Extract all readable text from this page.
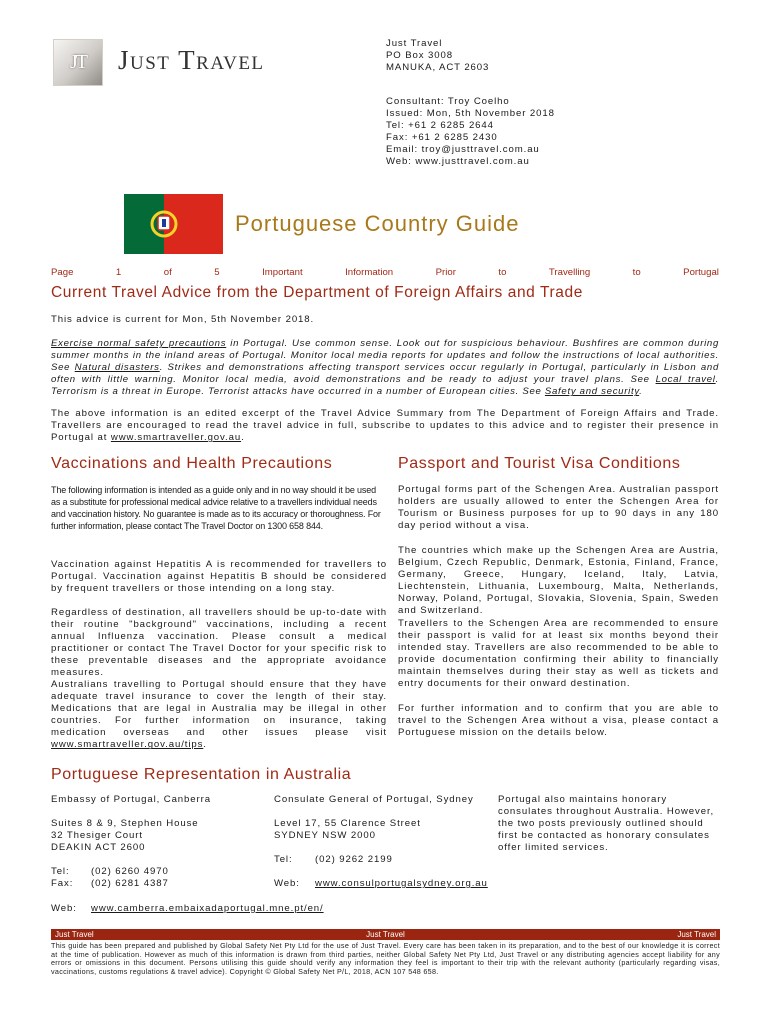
JT Just Travel
Just Travel
PO Box 3008
MANUKA, ACT 2603
Consultant: Troy Coelho
Issued: Mon, 5th November 2018
Tel: +61 2 6285 2644
Fax: +61 2 6285 2430
Email: troy@justtravel.com.au
Web: www.justtravel.com.au
Portuguese Country Guide
Page	1	of	5	Important	Information	Prior	to	Travelling	to	Portugal
Current Travel Advice from the Department of Foreign Affairs and Trade
This advice is current for Mon, 5th November 2018.

Exercise normal safety precautions in Portugal. Use common sense. Look out for suspicious behaviour. Bushfires are common during summer months in the inland areas of Portugal. Monitor local media reports for updates and follow the instructions of local authorities. See Natural disasters. Strikes and demonstrations affecting transport services occur regularly in Portugal, particularly in Lisbon and often with little warning. Monitor local media, avoid demonstrations and be ready to adjust your travel plans. See Local travel. Terrorism is a threat in Europe. Terrorist attacks have occurred in a number of European cities. See Safety and security.

The above information is an edited excerpt of the Travel Advice Summary from The Department of Foreign Affairs and Trade. Travellers are encouraged to read the travel advice in full, subscribe to updates to this advice and to register their presence in Portugal at www.smartraveller.gov.au.

Vaccinations and Health Precautions

The following information is intended as a guide only and in no way should it be used as a substitute for professional medical advice relative to a travellers individual needs and vaccination history. No guarantee is made as to its accuracy or thoroughness. For further information, please contact The Travel Doctor on 1300 658 844.

Vaccination against Hepatitis A is recommended for travellers to Portugal. Vaccination against Hepatitis B should be considered by frequent travellers or those intending on a long stay.

Regardless of destination, all travellers should be up-to-date with their routine "background" vaccinations, including a recent annual Influenza vaccination. Please consult a medical practitioner or contact The Travel Doctor for your specific risk to these preventable diseases and the appropriate avoidance measures.

Australians travelling to Portugal should ensure that they have adequate travel insurance to cover the length of their stay. Medications that are legal in Australia may be illegal in other countries. For further information on insurance, taking medication overseas and other issues please visit www.smartraveller.gov.au/tips.

Passport and Tourist Visa Conditions

Portugal forms part of the Schengen Area. Australian passport holders are usually allowed to enter the Schengen Area for Tourism or Business purposes for up to 90 days in any 180 day period without a visa.

The countries which make up the Schengen Area are Austria, Belgium, Czech Republic, Denmark, Estonia, Finland, France, Germany, Greece, Hungary, Iceland, Italy, Latvia, Liechtenstein, Lithuania, Luxembourg, Malta, Netherlands, Norway, Poland, Portugal, Slovakia, Slovenia, Spain, Sweden and Switzerland.

Travellers to the Schengen Area are recommended to ensure their passport is valid for at least six months beyond their intended stay. Travellers are also recommended to be able to provide documentation confirming their ability to financially maintain themselves during their stay as well as tickets and entry documents for their onward destination.

For further information and to confirm that you are able to travel to the Schengen Area without a visa, please contact a Portuguese mission on the details below.

Portuguese Representation in Australia
Embassy of Portugal, Canberra
Suites 8 & 9, Stephen House
32 Thesiger Court
DEAKIN ACT 2600
Tel:	(02) 6260 4970
Fax:	(02) 6281 4387
Web:	www.camberra.embaixadaportugal.mne.pt/en/
Consulate General of Portugal, Sydney
Level 17, 55 Clarence Street
SYDNEY NSW 2000
Tel:	(02) 9262 2199
Web:	www.consulportugalsydney.org.au

Portugal also maintains honorary consulates throughout Australia. However, the two posts previously outlined should first be contacted as honorary consulates offer limited services.

Just Travel	Just Travel	Just Travel

This guide has been prepared and published by Global Safety Net Pty Ltd for the use of Just Travel. Every care has been taken in its preparation, and to the best of our knowledge it is correct at the time of publication. However as much of this information is drawn from third parties, neither Global Safety Net Pty Ltd, Just Travel or any distributing agencies accept liability for any errors or omissions in this document. Persons utilising this guide should verify any information they feel is important to their trip with the relevant authority (particularly regarding visas, vaccinations, customs regulations & travel advice). Copyright © Global Safety Net P/L, 2018, ACN 107 548 658.
